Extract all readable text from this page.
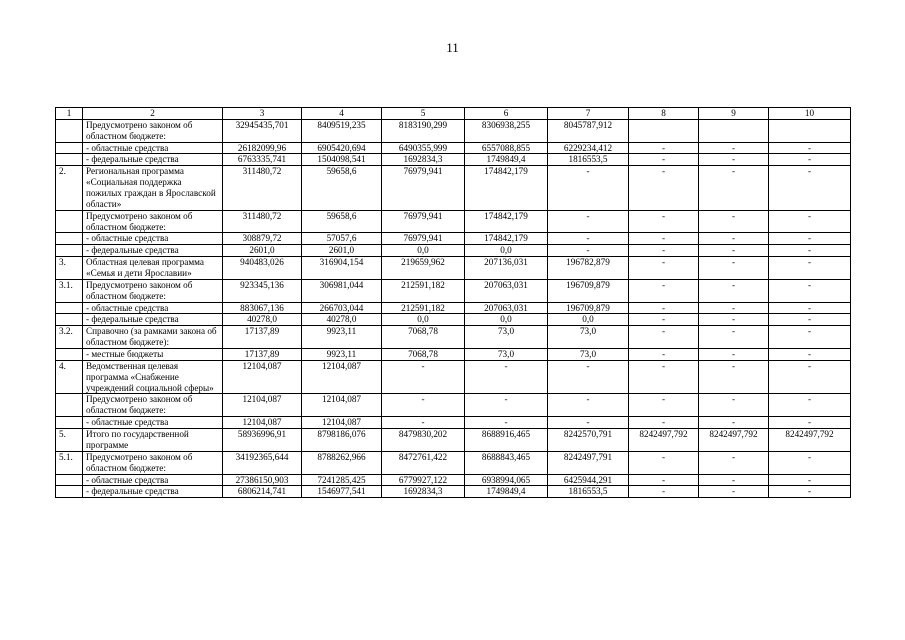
11
1	2	3	4	5	6	7	8	9	10
	Предусмотрено законом об областном бюджете:	32945435,701	8409519,235	8183190,299	8306938,255	8045787,912			
	- областные средства	26182099,96	6905420,694	6490355,999	6557088,855	6229234,412	-	-	-
	- федеральные средства	6763335,741	1504098,541	1692834,3	1749849,4	1816553,5	-	-	-
2.	Региональная программа «Социальная поддержка пожилых граждан в Ярославской области»	311480,72	59658,6	76979,941	174842,179	-	-	-	-
	Предусмотрено законом об областном бюджете:	311480,72	59658,6	76979,941	174842,179	-	-	-	-
	- областные средства	308879,72	57057,6	76979,941	174842,179	-	-	-	-
	- федеральные средства	2601,0	2601,0	0,0	0,0	-	-	-	-
3.	Областная целевая программа «Семья и дети Ярославии»	940483,026	316904,154	219659,962	207136,031	196782,879	-	-	-
3.1.	Предусмотрено законом об областном бюджете:	923345,136	306981,044	212591,182	207063,031	196709,879	-	-	-
	- областные средства	883067,136	266703,044	212591,182	207063,031	196709,879	-	-	-
	- федеральные средства	40278,0	40278,0	0,0	0,0	0,0	-	-	-
3.2.	Справочно (за рамками закона об областном бюджете):	17137,89	9923,11	7068,78	73,0	73,0	-	-	-
	- местные бюджеты	17137,89	9923,11	7068,78	73,0	73,0	-	-	-
4.	Ведомственная целевая программа «Снабжение учреждений социальной сферы»	12104,087	12104,087	-	-	-	-	-	-
	Предусмотрено законом об областном бюджете:	12104,087	12104,087	-	-	-	-	-	-
	- областные средства	12104,087	12104,087	-	-	-	-	-	-
5.	Итого по государственной программе	58936996,91	8798186,076	8479830,202	8688916,465	8242570,791	8242497,792	8242497,792	8242497,792
5.1.	Предусмотрено законом об областном бюджете:	34192365,644	8788262,966	8472761,422	8688843,465	8242497,791	-	-	-
	- областные средства	27386150,903	7241285,425	6779927,122	6938994,065	6425944,291	-	-	-
	- федеральные средства	6806214,741	1546977,541	1692834,3	1749849,4	1816553,5	-	-	-
